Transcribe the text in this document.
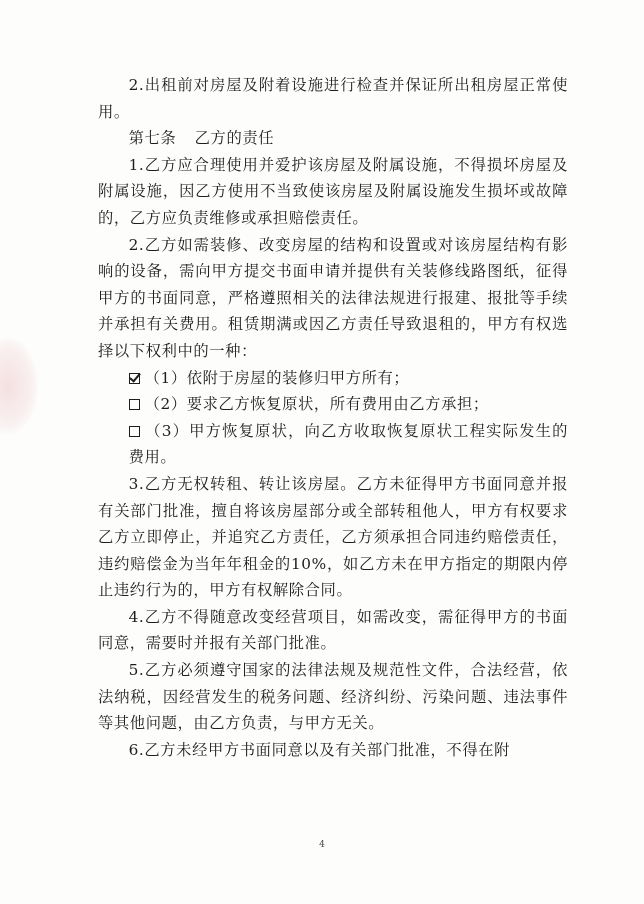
2.出租前对房屋及附着设施进行检查并保证所出租房屋正常使用。

第七条 乙方的责任

1.乙方应合理使用并爱护该房屋及附属设施，不得损坏房屋及附属设施，因乙方使用不当致使该房屋及附属设施发生损坏或故障的，乙方应负责维修或承担赔偿责任。

2.乙方如需装修、改变房屋的结构和设置或对该房屋结构有影响的设备，需向甲方提交书面申请并提供有关装修线路图纸，征得甲方的书面同意，严格遵照相关的法律法规进行报建、报批等手续并承担有关费用。租赁期满或因乙方责任导致退租的，甲方有权选择以下权利中的一种：

（1）依附于房屋的装修归甲方所有；

（2）要求乙方恢复原状，所有费用由乙方承担；

（3）甲方恢复原状，向乙方收取恢复原状工程实际发生的费用。

3.乙方无权转租、转让该房屋。乙方未征得甲方书面同意并报有关部门批准，擅自将该房屋部分或全部转租他人，甲方有权要求乙方立即停止，并追究乙方责任，乙方须承担合同违约赔偿责任，违约赔偿金为当年年租金的10%，如乙方未在甲方指定的期限内停止违约行为的，甲方有权解除合同。

4.乙方不得随意改变经营项目，如需改变，需征得甲方的书面同意，需要时并报有关部门批准。

5.乙方必须遵守国家的法律法规及规范性文件，合法经营，依法纳税，因经营发生的税务问题、经济纠纷、污染问题、违法事件等其他问题，由乙方负责，与甲方无关。

6.乙方未经甲方书面同意以及有关部门批准，不得在附

4
